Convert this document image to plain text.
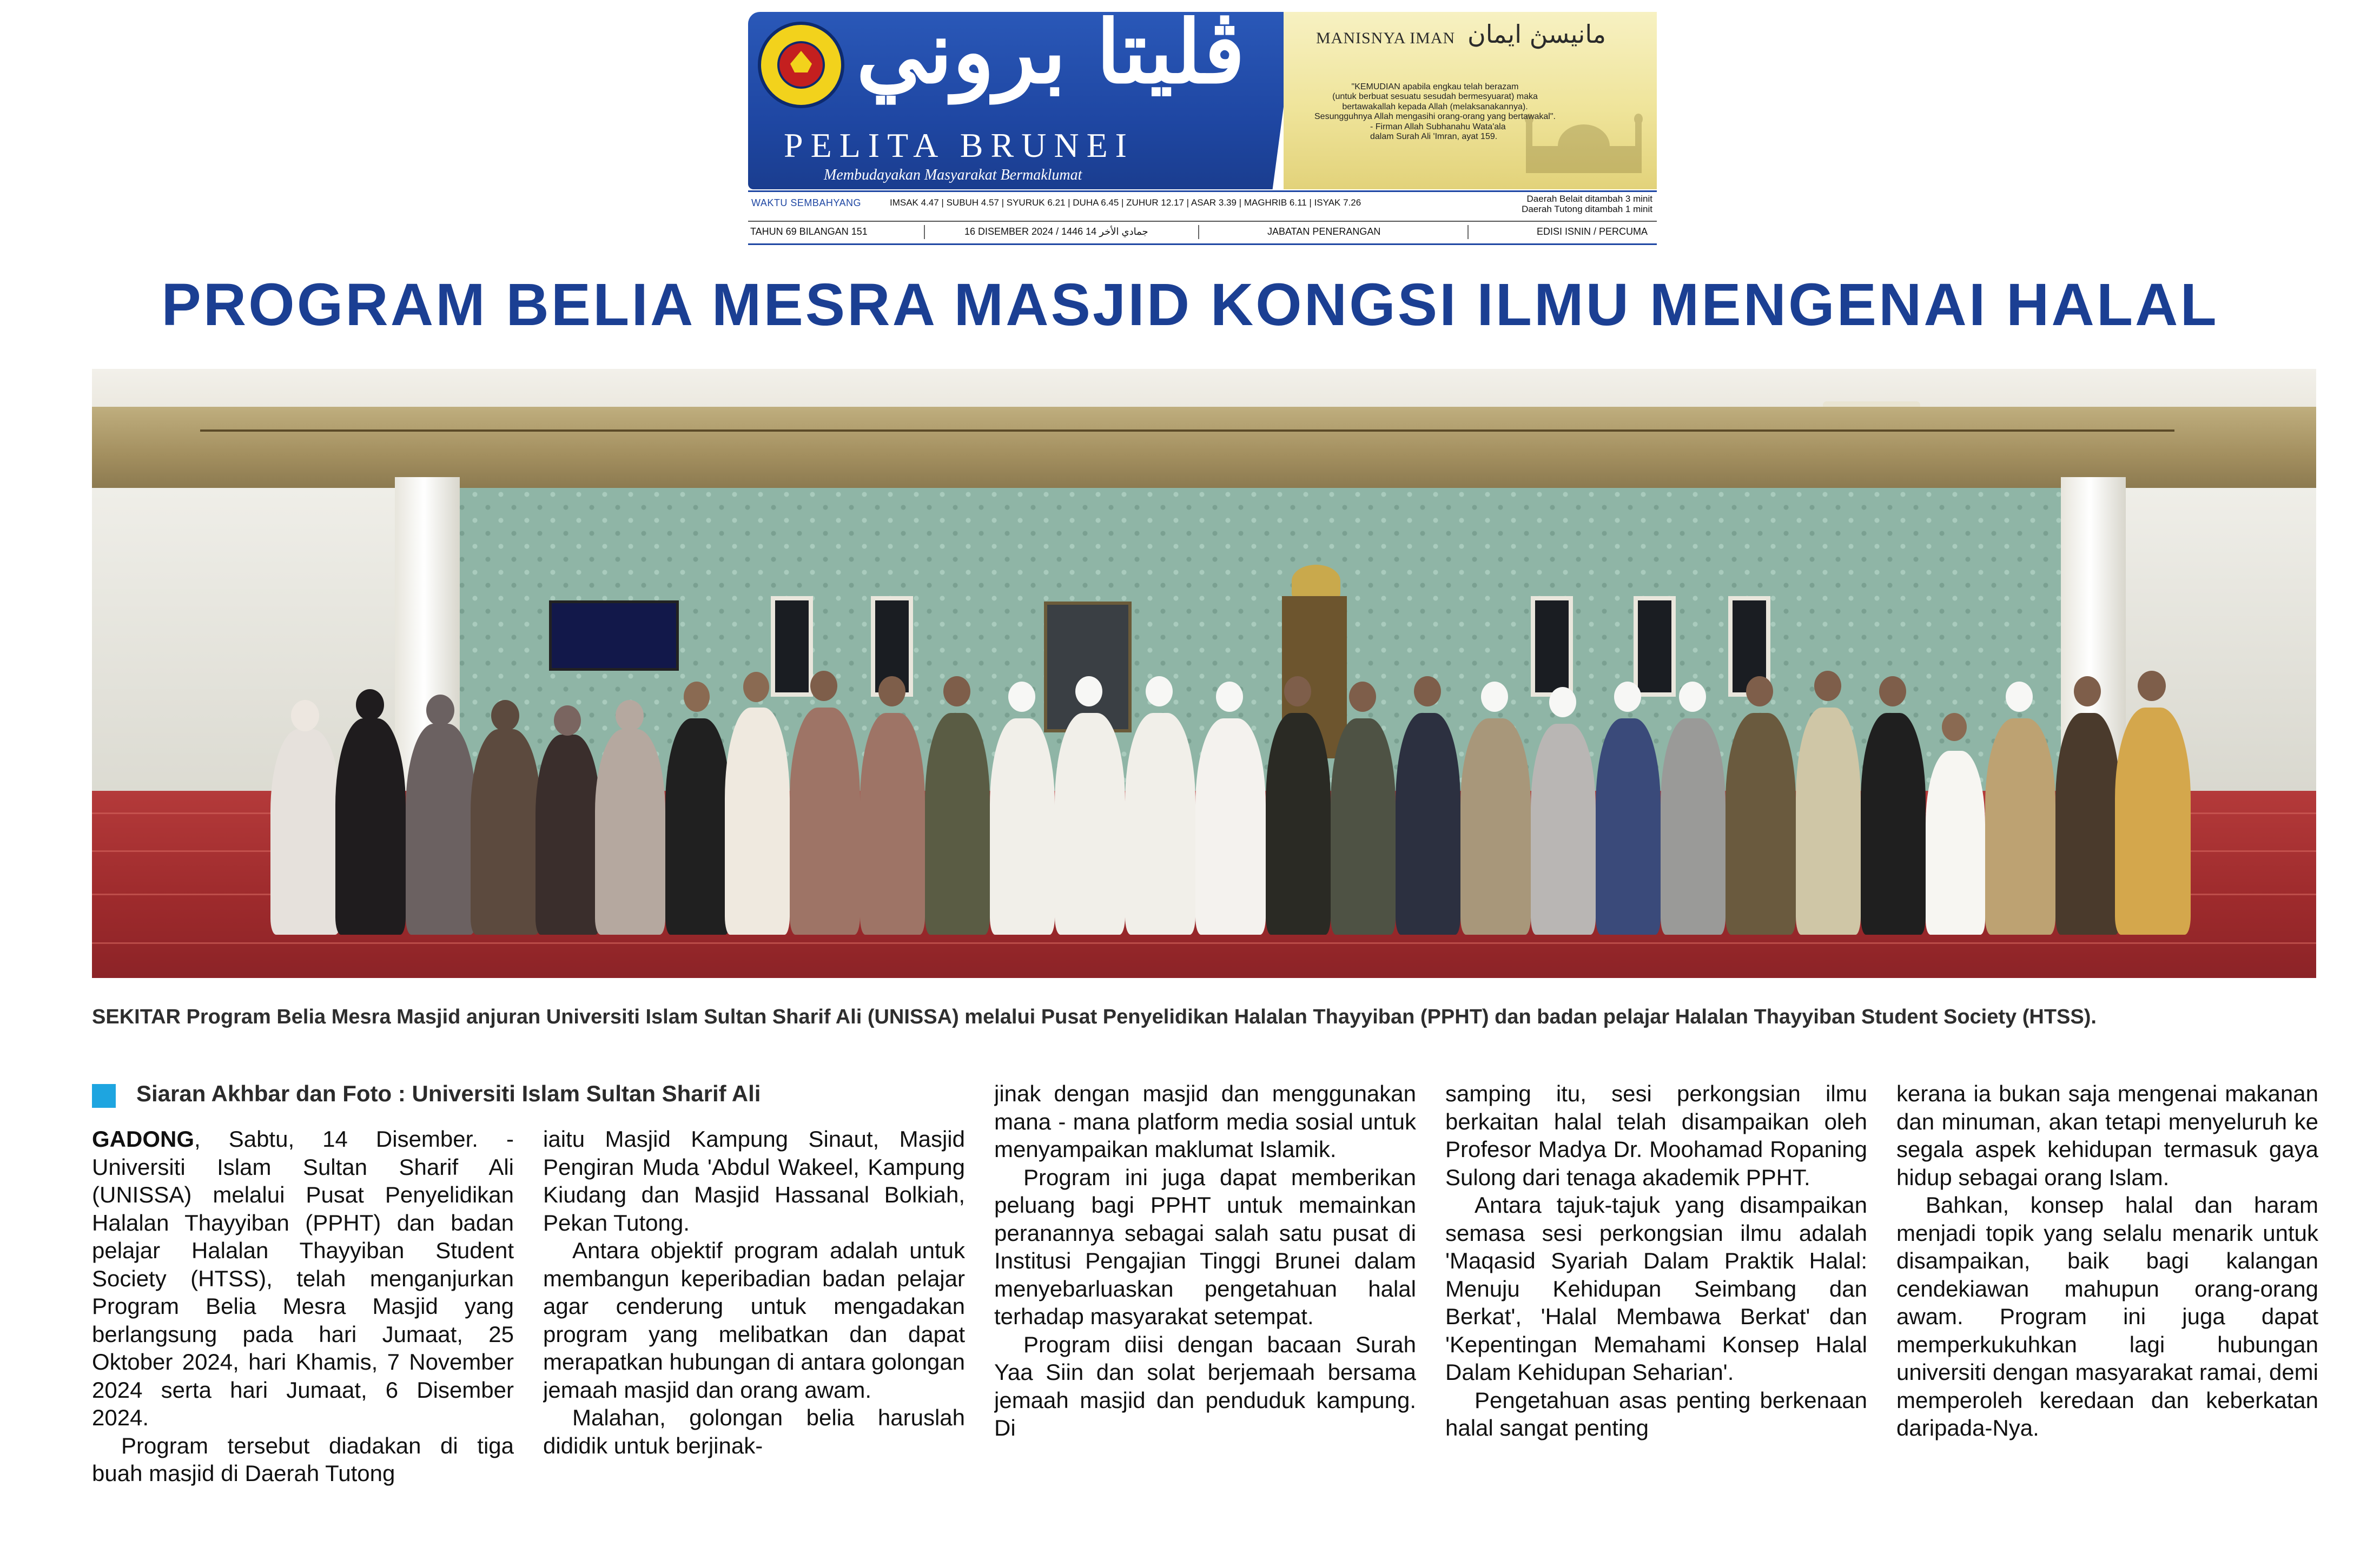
ڤليتا بروني
PELITA BRUNEI
Membudayakan Masyarakat Bermaklumat
MANISNYA IMAN مانيسڽ ايمان
"KEMUDIAN apabila engkau telah berazam
(untuk berbuat sesuatu sesudah bermesyuarat) maka
bertawakallah kepada Allah (melaksanakannya).
Sesungguhnya Allah mengasihi orang-orang yang bertawakal".

- Firman Allah Subhanahu Wata'ala
dalam Surah Ali 'Imran, ayat 159.
WAKTU SEMBAHYANG	IMSAK 4.47 | SUBUH 4.57 | SYURUK 6.21 | DUHA 6.45 | ZUHUR 12.17 | ASAR 3.39 | MAGHRIB 6.11 | ISYAK 7.26	Daerah Belait ditambah 3 minit
Daerah Tutong ditambah 1 minit
TAHUN 69 BILANGAN 151	16 DISEMBER 2024 / 1446 جمادي الأخر 14	JABATAN PENERANGAN	EDISI ISNIN / PERCUMA
PROGRAM BELIA MESRA MASJID KONGSI ILMU MENGENAI HALAL
SEKITAR Program Belia Mesra Masjid anjuran Universiti Islam Sultan Sharif Ali (UNISSA) melalui Pusat Penyelidikan Halalan Thayyiban (PPHT) dan badan pelajar Halalan Thayyiban Student Society (HTSS).
Siaran Akhbar dan Foto : Universiti Islam Sultan Sharif Ali

GADONG, Sabtu, 14 Disember. - Universiti Islam Sultan Sharif Ali (UNISSA) melalui Pusat Penyelidikan Halalan Thayyiban (PPHT) dan badan pelajar Halalan Thayyiban Student Society (HTSS), telah menganjurkan Program Belia Mesra Masjid yang berlangsung pada hari Jumaat, 25 Oktober 2024, hari Khamis, 7 November 2024 serta hari Jumaat, 6 Disember 2024.

Program tersebut diadakan di tiga buah masjid di Daerah Tutong

iaitu Masjid Kampung Sinaut, Masjid Pengiran Muda 'Abdul Wakeel, Kampung Kiudang dan Masjid Hassanal Bolkiah, Pekan Tutong.

Antara objektif program adalah untuk membangun keperibadian badan pelajar agar cenderung untuk mengadakan program yang melibatkan dan dapat merapatkan hubungan di antara golongan jemaah masjid dan orang awam.

Malahan, golongan belia haruslah dididik untuk berjinak-

jinak dengan masjid dan menggunakan mana - mana platform media sosial untuk menyampaikan maklumat Islamik.

Program ini juga dapat memberikan peluang bagi PPHT untuk memainkan peranannya sebagai salah satu pusat di Institusi Pengajian Tinggi Brunei dalam menyebarluaskan pengetahuan halal terhadap masyarakat setempat.

Program diisi dengan bacaan Surah Yaa Siin dan solat berjemaah bersama jemaah masjid dan penduduk kampung. Di

samping itu, sesi perkongsian ilmu berkaitan halal telah disampaikan oleh Profesor Madya Dr. Moohamad Ropaning Sulong dari tenaga akademik PPHT.

Antara tajuk-tajuk yang disampaikan semasa sesi perkongsian ilmu adalah 'Maqasid Syariah Dalam Praktik Halal: Menuju Kehidupan Seimbang dan Berkat', 'Halal Membawa Berkat' dan 'Kepentingan Memahami Konsep Halal Dalam Kehidupan Seharian'.

Pengetahuan asas penting berkenaan halal sangat penting

kerana ia bukan saja mengenai makanan dan minuman, akan tetapi menyeluruh ke segala aspek kehidupan termasuk gaya hidup sebagai orang Islam.

Bahkan, konsep halal dan haram menjadi topik yang selalu menarik untuk disampaikan, baik bagi kalangan cendekiawan mahupun orang-orang awam. Program ini juga dapat memperkukuhkan lagi hubungan universiti dengan masyarakat ramai, demi memperoleh keredaan dan keberkatan daripada-Nya.
